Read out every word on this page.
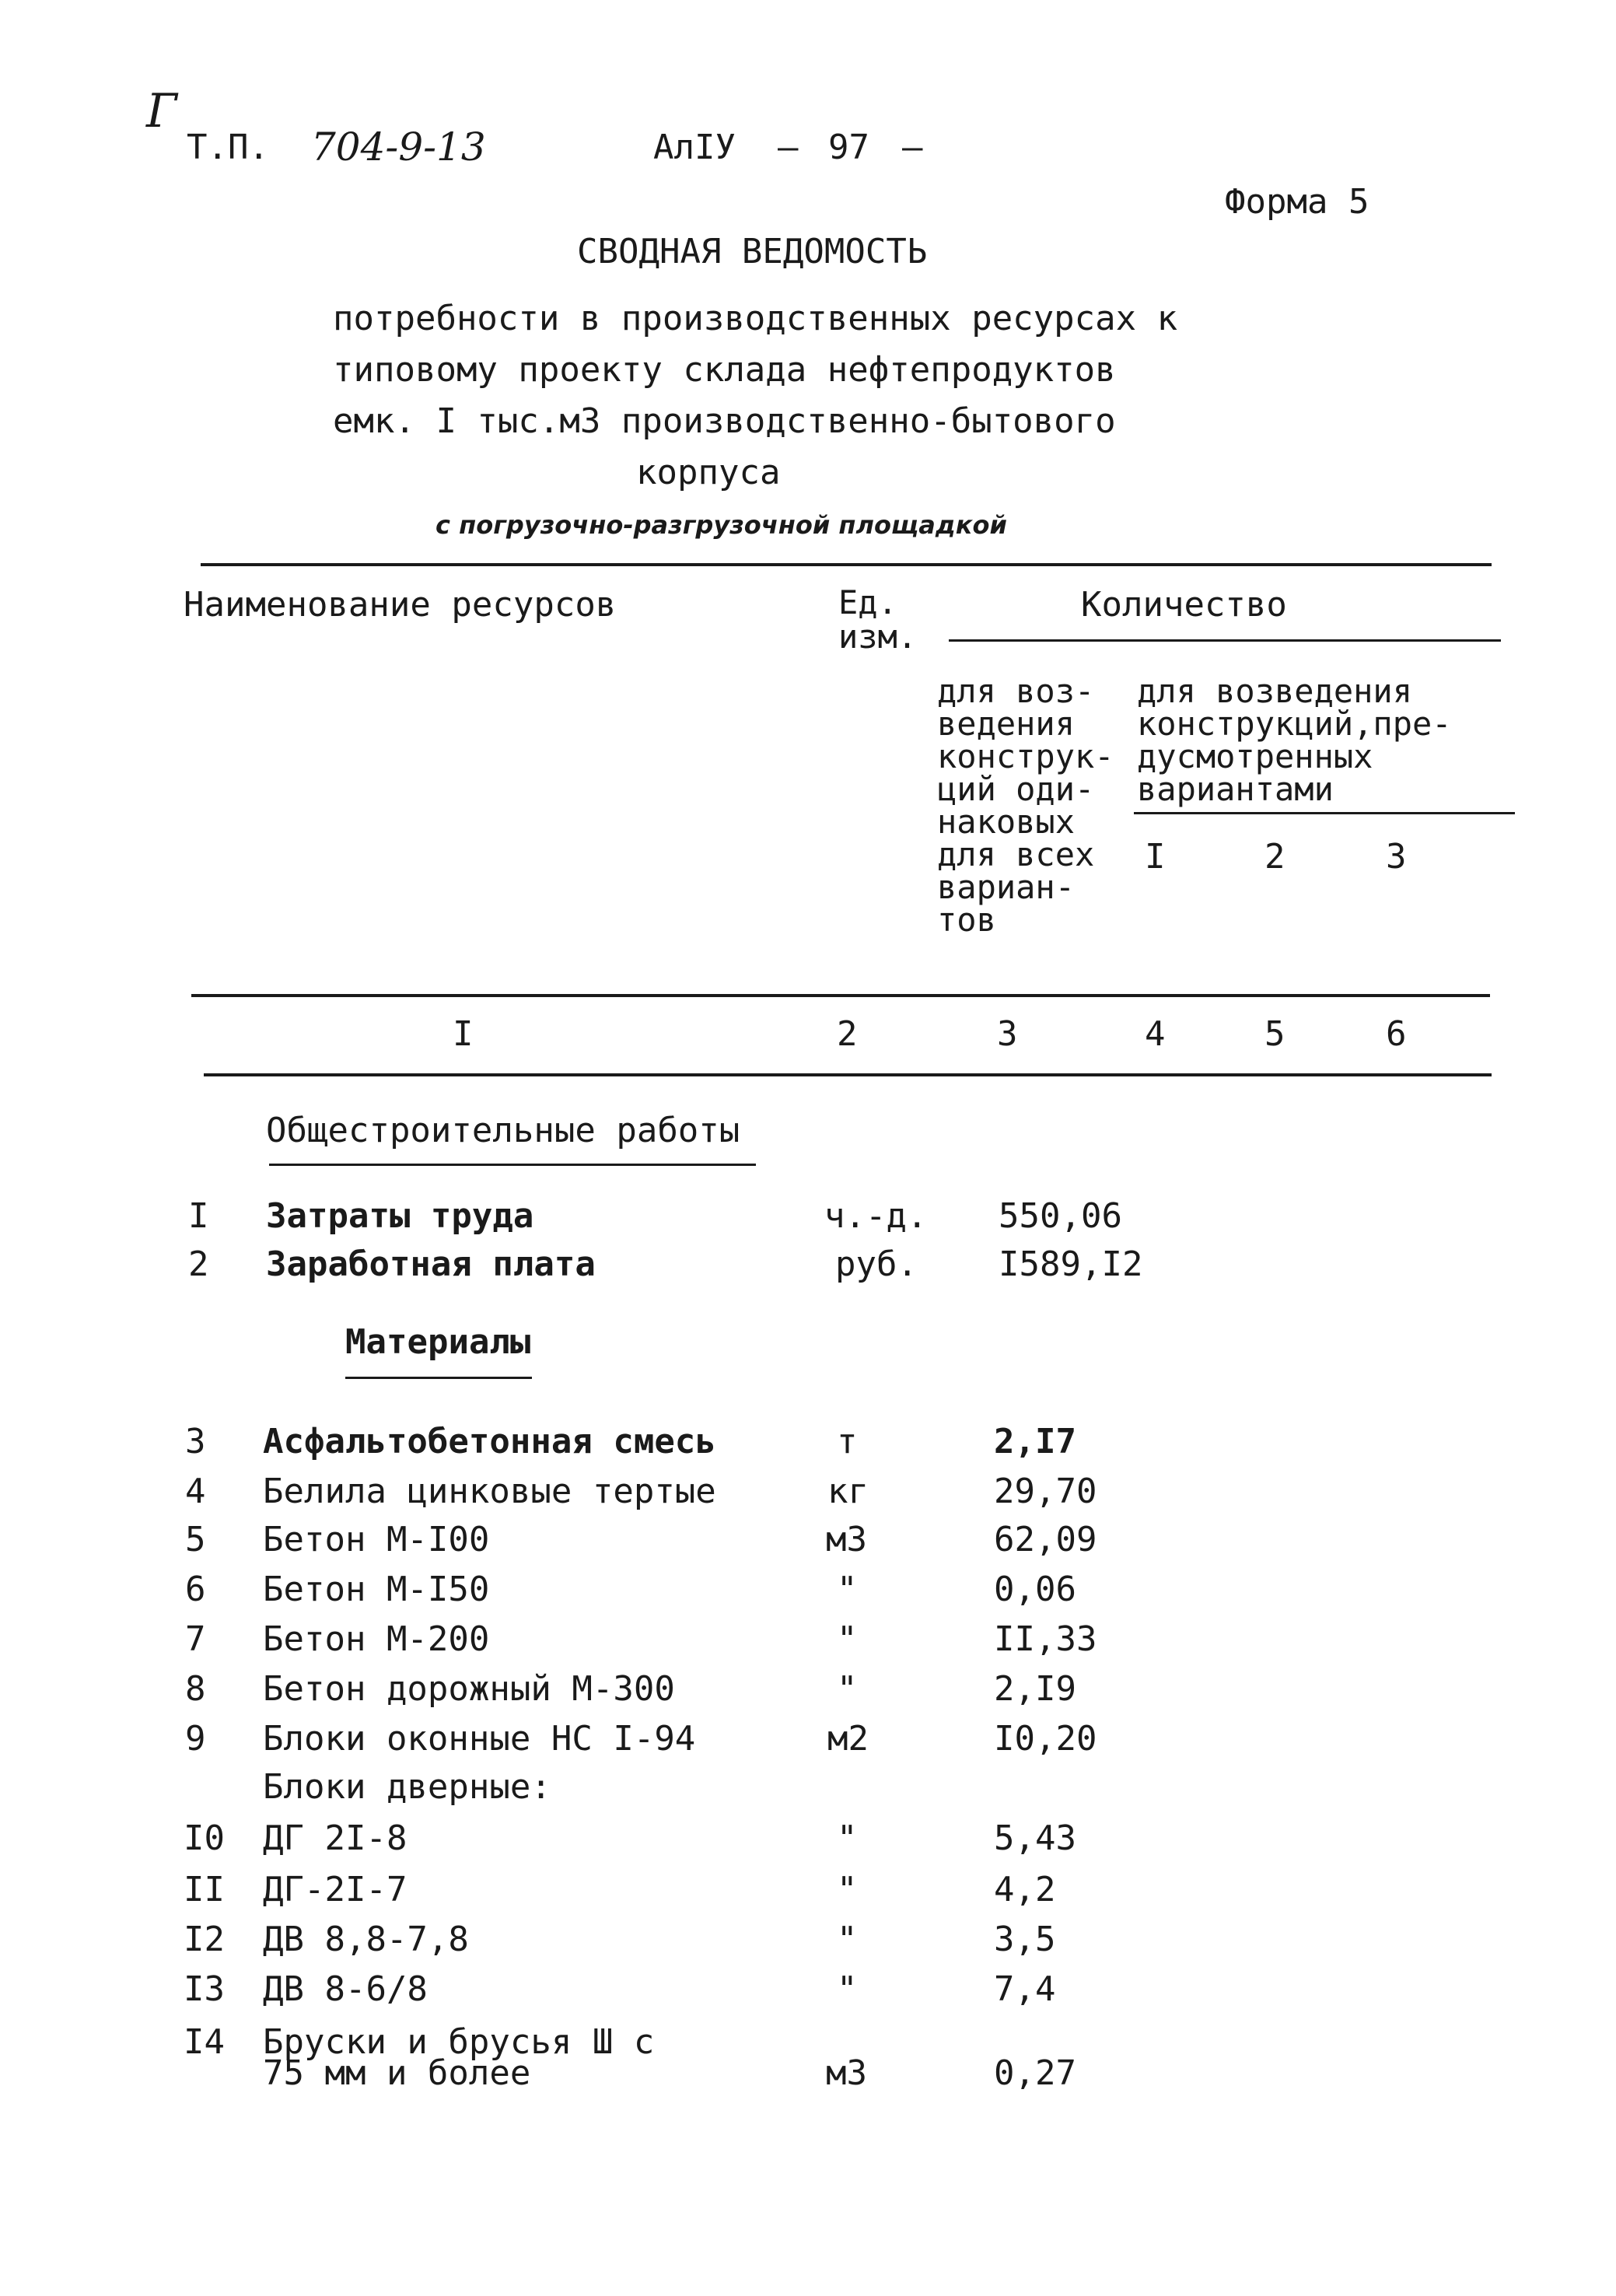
Г
Т.П. 704-9-13	АлIУ — 97 —
Форма 5
СВОДНАЯ ВЕДОМОСТЬ
потребности в производственных ресурсах к
типовому проекту склада нефтепродуктов
емк. I тыс.м3 производственно-бытового
корпуса
с погрузочно-разгрузочной площадкой
Наименование ресурсов	Ед.
изм.
Количество
для воз-
ведения
конструк-
ций оди-
наковых
для всех
вариан-
тов
для возведения
конструкций,пре-
дусмотренных
вариантами
I	2	3
I	2	3	4	5	6
Общестроительные работы
I Затраты труда	ч.-д. 550,06
2 Заработная плата	руб. I589,I2
Материалы
3 Асфальтобетонная смесь	т	2,I7
4 Белила цинковые тертые	кг	29,70
5 Бетон М-I00	м3	62,09
6 Бетон М-I50	"	0,06
7 Бетон М-200	"	II,33
8 Бетон дорожный М-300	"	2,I9
9 Блоки оконные НС I-94	м2	I0,20
Блоки дверные:
I0 ДГ 2I-8	"	5,43
II ДГ-2I-7	"	4,2
I2 ДВ 8,8-7,8	"	3,5
I3 ДВ 8-6/8	"	7,4
I4 Бруски и брусья Ш с
75 мм и более	м3	0,27
